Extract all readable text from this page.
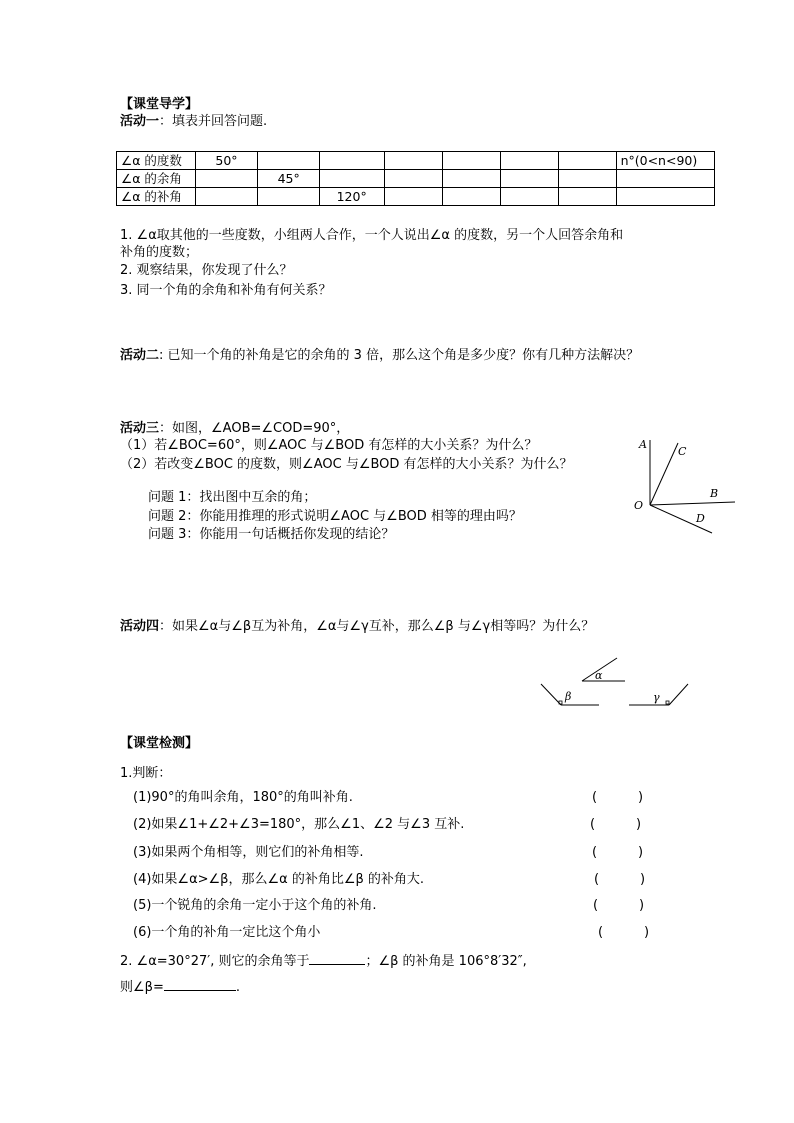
【课堂导学】
活动一：填表并回答问题.
∠α 的度数	50°							n°(0<n<90)
∠α 的余角		45°						
∠α 的补角			120°					
1. ∠α取其他的一些度数，小组两人合作，一个人说出∠α 的度数，另一个人回答余角和
补角的度数；
2. 观察结果，你发现了什么？
3. 同一个角的余角和补角有何关系？
活动二: 已知一个角的补角是它的余角的 3 倍，那么这个角是多少度？你有几种方法解决？
活动三：如图，∠AOB=∠COD=90°，
（1）若∠BOC=60°，则∠AOC 与∠BOD 有怎样的大小关系？为什么？
（2）若改变∠BOC 的度数，则∠AOC 与∠BOD 有怎样的大小关系？为什么？
问题 1：找出图中互余的角；
问题 2：你能用推理的形式说明∠AOC 与∠BOD 相等的理由吗？
问题 3：你能用一句话概括你发现的结论？
A
C
B
O
D
活动四：如果∠α与∠β互为补角，∠α与∠γ互补，那么∠β 与∠γ相等吗？为什么？
α
β	γ
【课堂检测】
1.判断：
(1)90°的角叫余角，180°的角叫补角.	(	)
(2)如果∠1+∠2+∠3=180°，那么∠1、∠2 与∠3 互补.	(	)
(3)如果两个角相等，则它们的补角相等.	(	)
(4)如果∠α>∠β，那么∠α 的补角比∠β 的补角大.	(	)
(5)一个锐角的余角一定小于这个角的补角.	(	)
(6)一个角的补角一定比这个角小	(	)
2. ∠α=30°27′, 则它的余角等于	；∠β 的补角是 106°8′32″,
则∠β=	.
